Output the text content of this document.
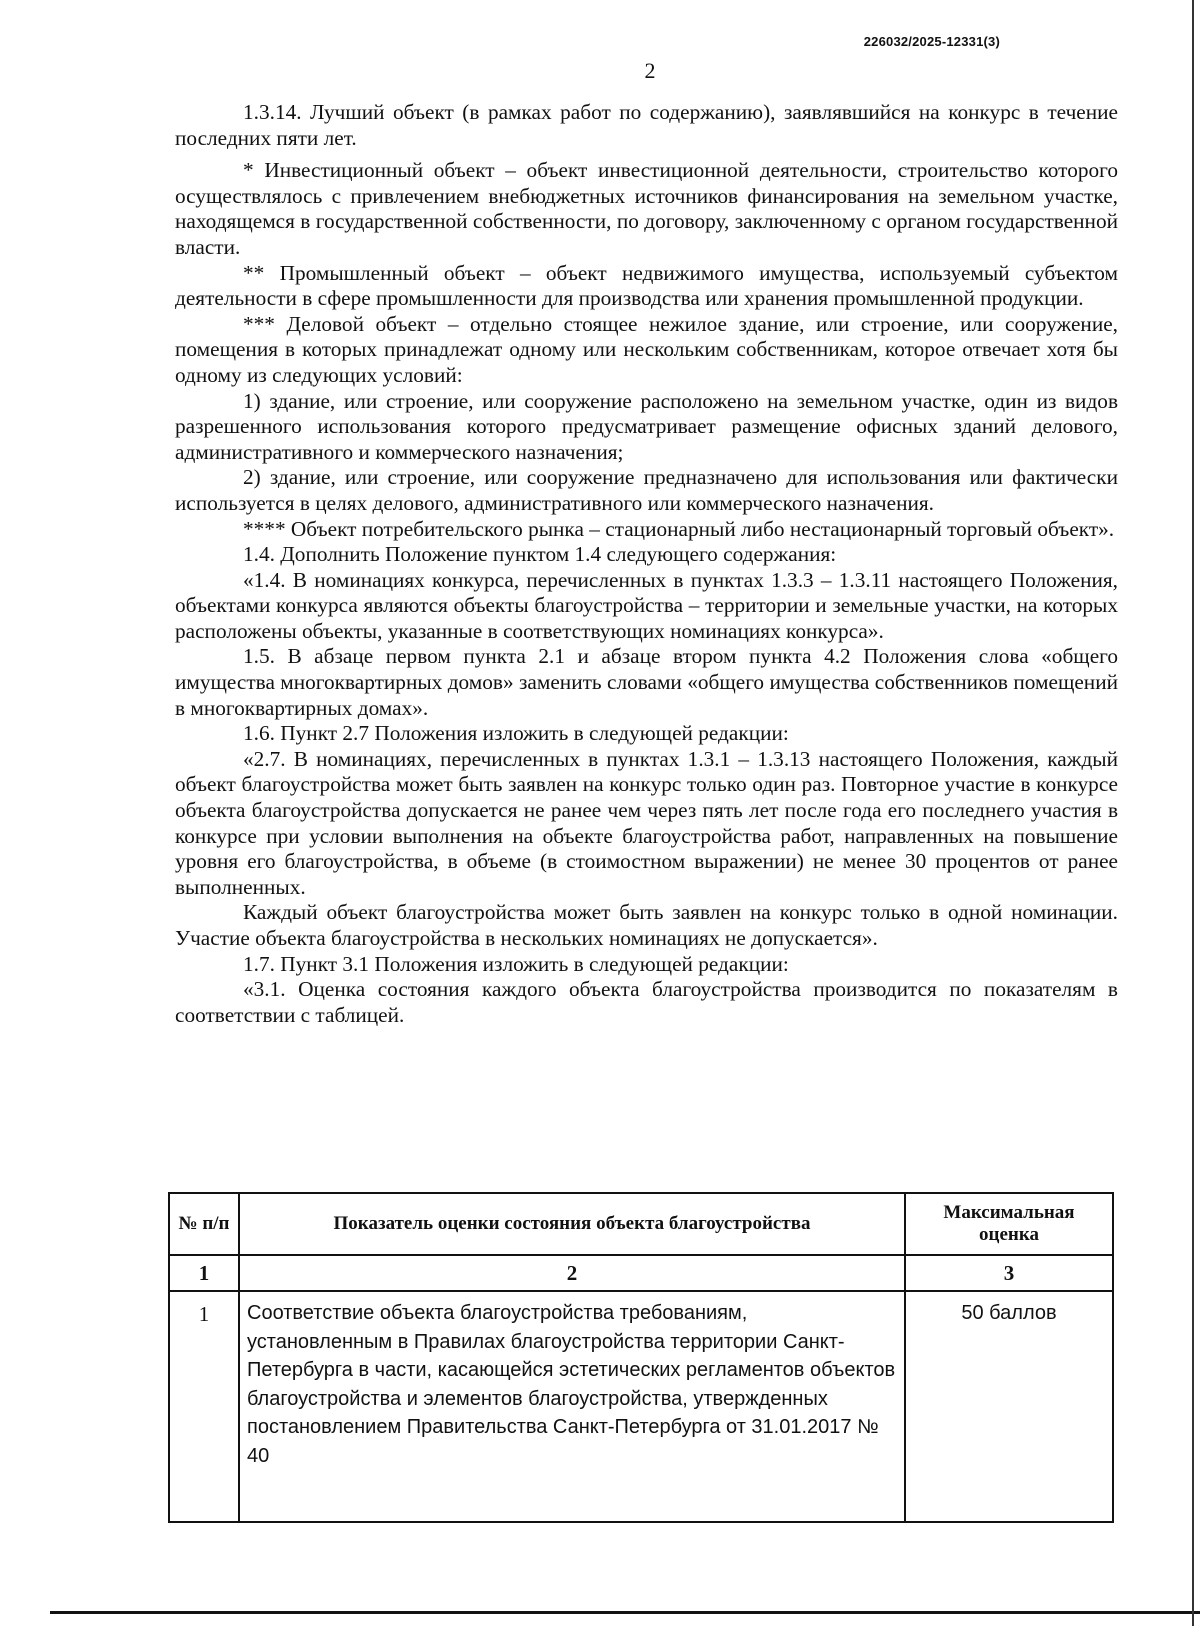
226032/2025-12331(3)
2

1.3.14. Лучший объект (в рамках работ по содержанию), заявлявшийся на конкурс в течение последних пяти лет.

* Инвестиционный объект – объект инвестиционной деятельности, строительство которого осуществлялось с привлечением внебюджетных источников финансирования на земельном участке, находящемся в государственной собственности, по договору, заключенному с органом государственной власти.

** Промышленный объект – объект недвижимого имущества, используемый субъектом деятельности в сфере промышленности для производства или хранения промышленной продукции.

*** Деловой объект – отдельно стоящее нежилое здание, или строение, или сооружение, помещения в которых принадлежат одному или нескольким собственникам, которое отвечает хотя бы одному из следующих условий:

1) здание, или строение, или сооружение расположено на земельном участке, один из видов разрешенного использования которого предусматривает размещение офисных зданий делового, административного и коммерческого назначения;

2) здание, или строение, или сооружение предназначено для использования или фактически используется в целях делового, административного или коммерческого назначения.

**** Объект потребительского рынка – стационарный либо нестационарный торговый объект».

1.4. Дополнить Положение пунктом 1.4 следующего содержания:

«1.4. В номинациях конкурса, перечисленных в пунктах 1.3.3 – 1.3.11 настоящего Положения, объектами конкурса являются объекты благоустройства – территории и земельные участки, на которых расположены объекты, указанные в соответствующих номинациях конкурса».

1.5. В абзаце первом пункта 2.1 и абзаце втором пункта 4.2 Положения слова «общего имущества многоквартирных домов» заменить словами «общего имущества собственников помещений в многоквартирных домах».

1.6. Пункт 2.7 Положения изложить в следующей редакции:

«2.7. В номинациях, перечисленных в пунктах 1.3.1 – 1.3.13 настоящего Положения, каждый объект благоустройства может быть заявлен на конкурс только один раз. Повторное участие в конкурсе объекта благоустройства допускается не ранее чем через пять лет после года его последнего участия в конкурсе при условии выполнения на объекте благоустройства работ, направленных на повышение уровня его благоустройства, в объеме (в стоимостном выражении) не менее 30 процентов от ранее выполненных.

Каждый объект благоустройства может быть заявлен на конкурс только в одной номинации. Участие объекта благоустройства в нескольких номинациях не допускается».

1.7. Пункт 3.1 Положения изложить в следующей редакции:

«3.1. Оценка состояния каждого объекта благоустройства производится по показателям в соответствии с таблицей.

№ п/п	Показатель оценки состояния объекта благоустройства	Максимальная оценка
1	2	3
1	Соответствие объекта благоустройства требованиям, установленным в Правилах благоустройства территории Санкт-Петербурга в части, касающейся эстетических регламентов объектов благоустройства и элементов благоустройства, утвержденных постановлением Правительства Санкт-Петербурга от 31.01.2017 № 40	50 баллов
